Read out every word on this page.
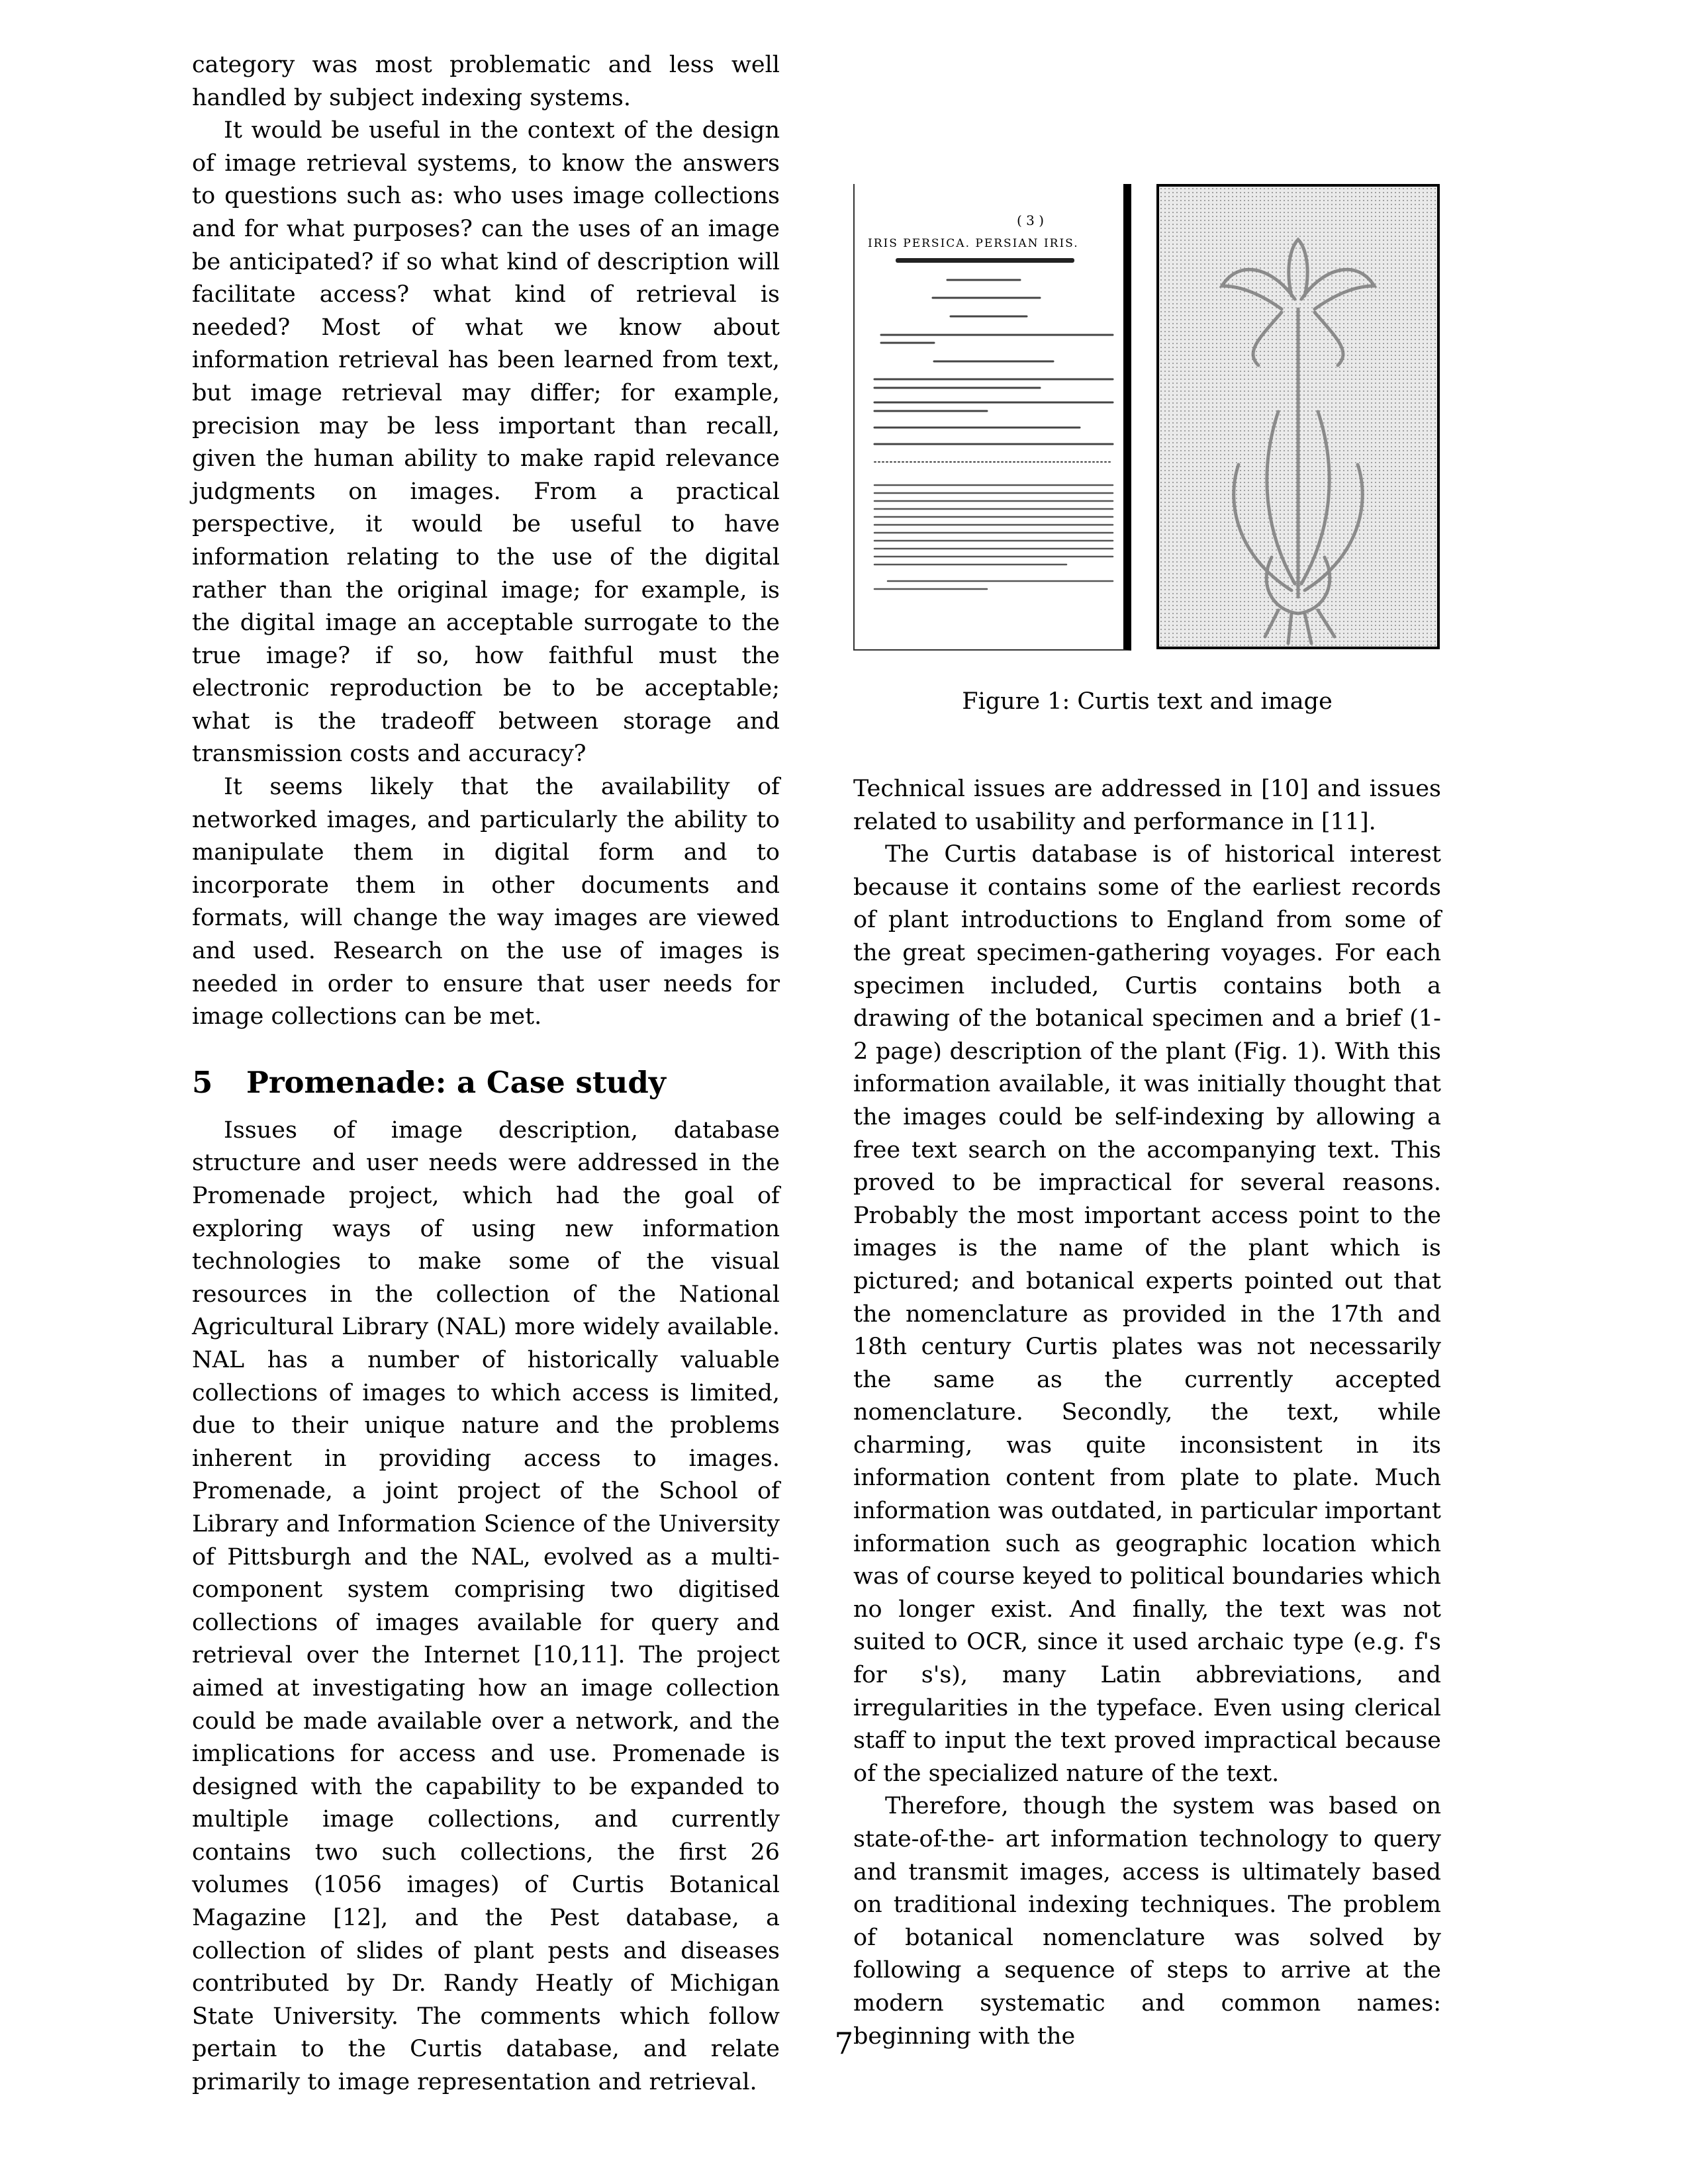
category was most problematic and less well handled by subject indexing systems.

It would be useful in the context of the design of image retrieval systems, to know the answers to questions such as: who uses image collections and for what purposes? can the uses of an image be anticipated? if so what kind of description will facilitate access? what kind of retrieval is needed? Most of what we know about information retrieval has been learned from text, but image retrieval may differ; for example, precision may be less important than recall, given the human ability to make rapid relevance judgments on images. From a practical perspective, it would be useful to have information relating to the use of the digital rather than the original image; for example, is the digital image an acceptable surrogate to the true image? if so, how faithful must the electronic reproduction be to be acceptable; what is the tradeoff between storage and transmission costs and accuracy?

It seems likely that the availability of networked images, and particularly the ability to manipulate them in digital form and to incorporate them in other documents and formats, will change the way images are viewed and used. Research on the use of images is needed in order to ensure that user needs for image collections can be met.

5 Promenade: a Case study

Issues of image description, database structure and user needs were addressed in the Promenade project, which had the goal of exploring ways of using new information technologies to make some of the visual resources in the collection of the National Agricultural Library (NAL) more widely available. NAL has a number of historically valuable collections of images to which access is limited, due to their unique nature and the problems inherent in providing access to images. Promenade, a joint project of the School of Library and Information Science of the University of Pittsburgh and the NAL, evolved as a multi-component system comprising two digitised collections of images available for query and retrieval over the Internet [10,11]. The project aimed at investigating how an image collection could be made available over a network, and the implications for access and use. Promenade is designed with the capability to be expanded to multiple image collections, and currently contains two such collections, the first 26 volumes (1056 images) of Curtis Botanical Magazine [12], and the Pest database, a collection of slides of plant pests and diseases contributed by Dr. Randy Heatly of Michigan State University. The comments which follow pertain to the Curtis database, and relate primarily to image representation and retrieval.

( 3 )
IRIS PERSICA. PERSIAN IRIS.
Figure 1: Curtis text and image

Technical issues are addressed in [10] and issues related to usability and performance in [11].

The Curtis database is of historical interest because it contains some of the earliest records of plant introductions to England from some of the great specimen-gathering voyages. For each specimen included, Curtis contains both a drawing of the botanical specimen and a brief (1-2 page) description of the plant (Fig. 1). With this information available, it was initially thought that the images could be self-indexing by allowing a free text search on the accompanying text. This proved to be impractical for several reasons. Probably the most important access point to the images is the name of the plant which is pictured; and botanical experts pointed out that the nomenclature as provided in the 17th and 18th century Curtis plates was not necessarily the same as the currently accepted nomenclature. Secondly, the text, while charming, was quite inconsistent in its information content from plate to plate. Much information was outdated, in particular important information such as geographic location which was of course keyed to political boundaries which no longer exist. And finally, the text was not suited to OCR, since it used archaic type (e.g. f's for s's), many Latin abbreviations, and irregularities in the typeface. Even using clerical staff to input the text proved impractical because of the specialized nature of the text.

Therefore, though the system was based on state-of-the- art information technology to query and transmit images, access is ultimately based on traditional indexing techniques. The problem of botanical nomenclature was solved by following a sequence of steps to arrive at the modern systematic and common names: beginning with the

7
